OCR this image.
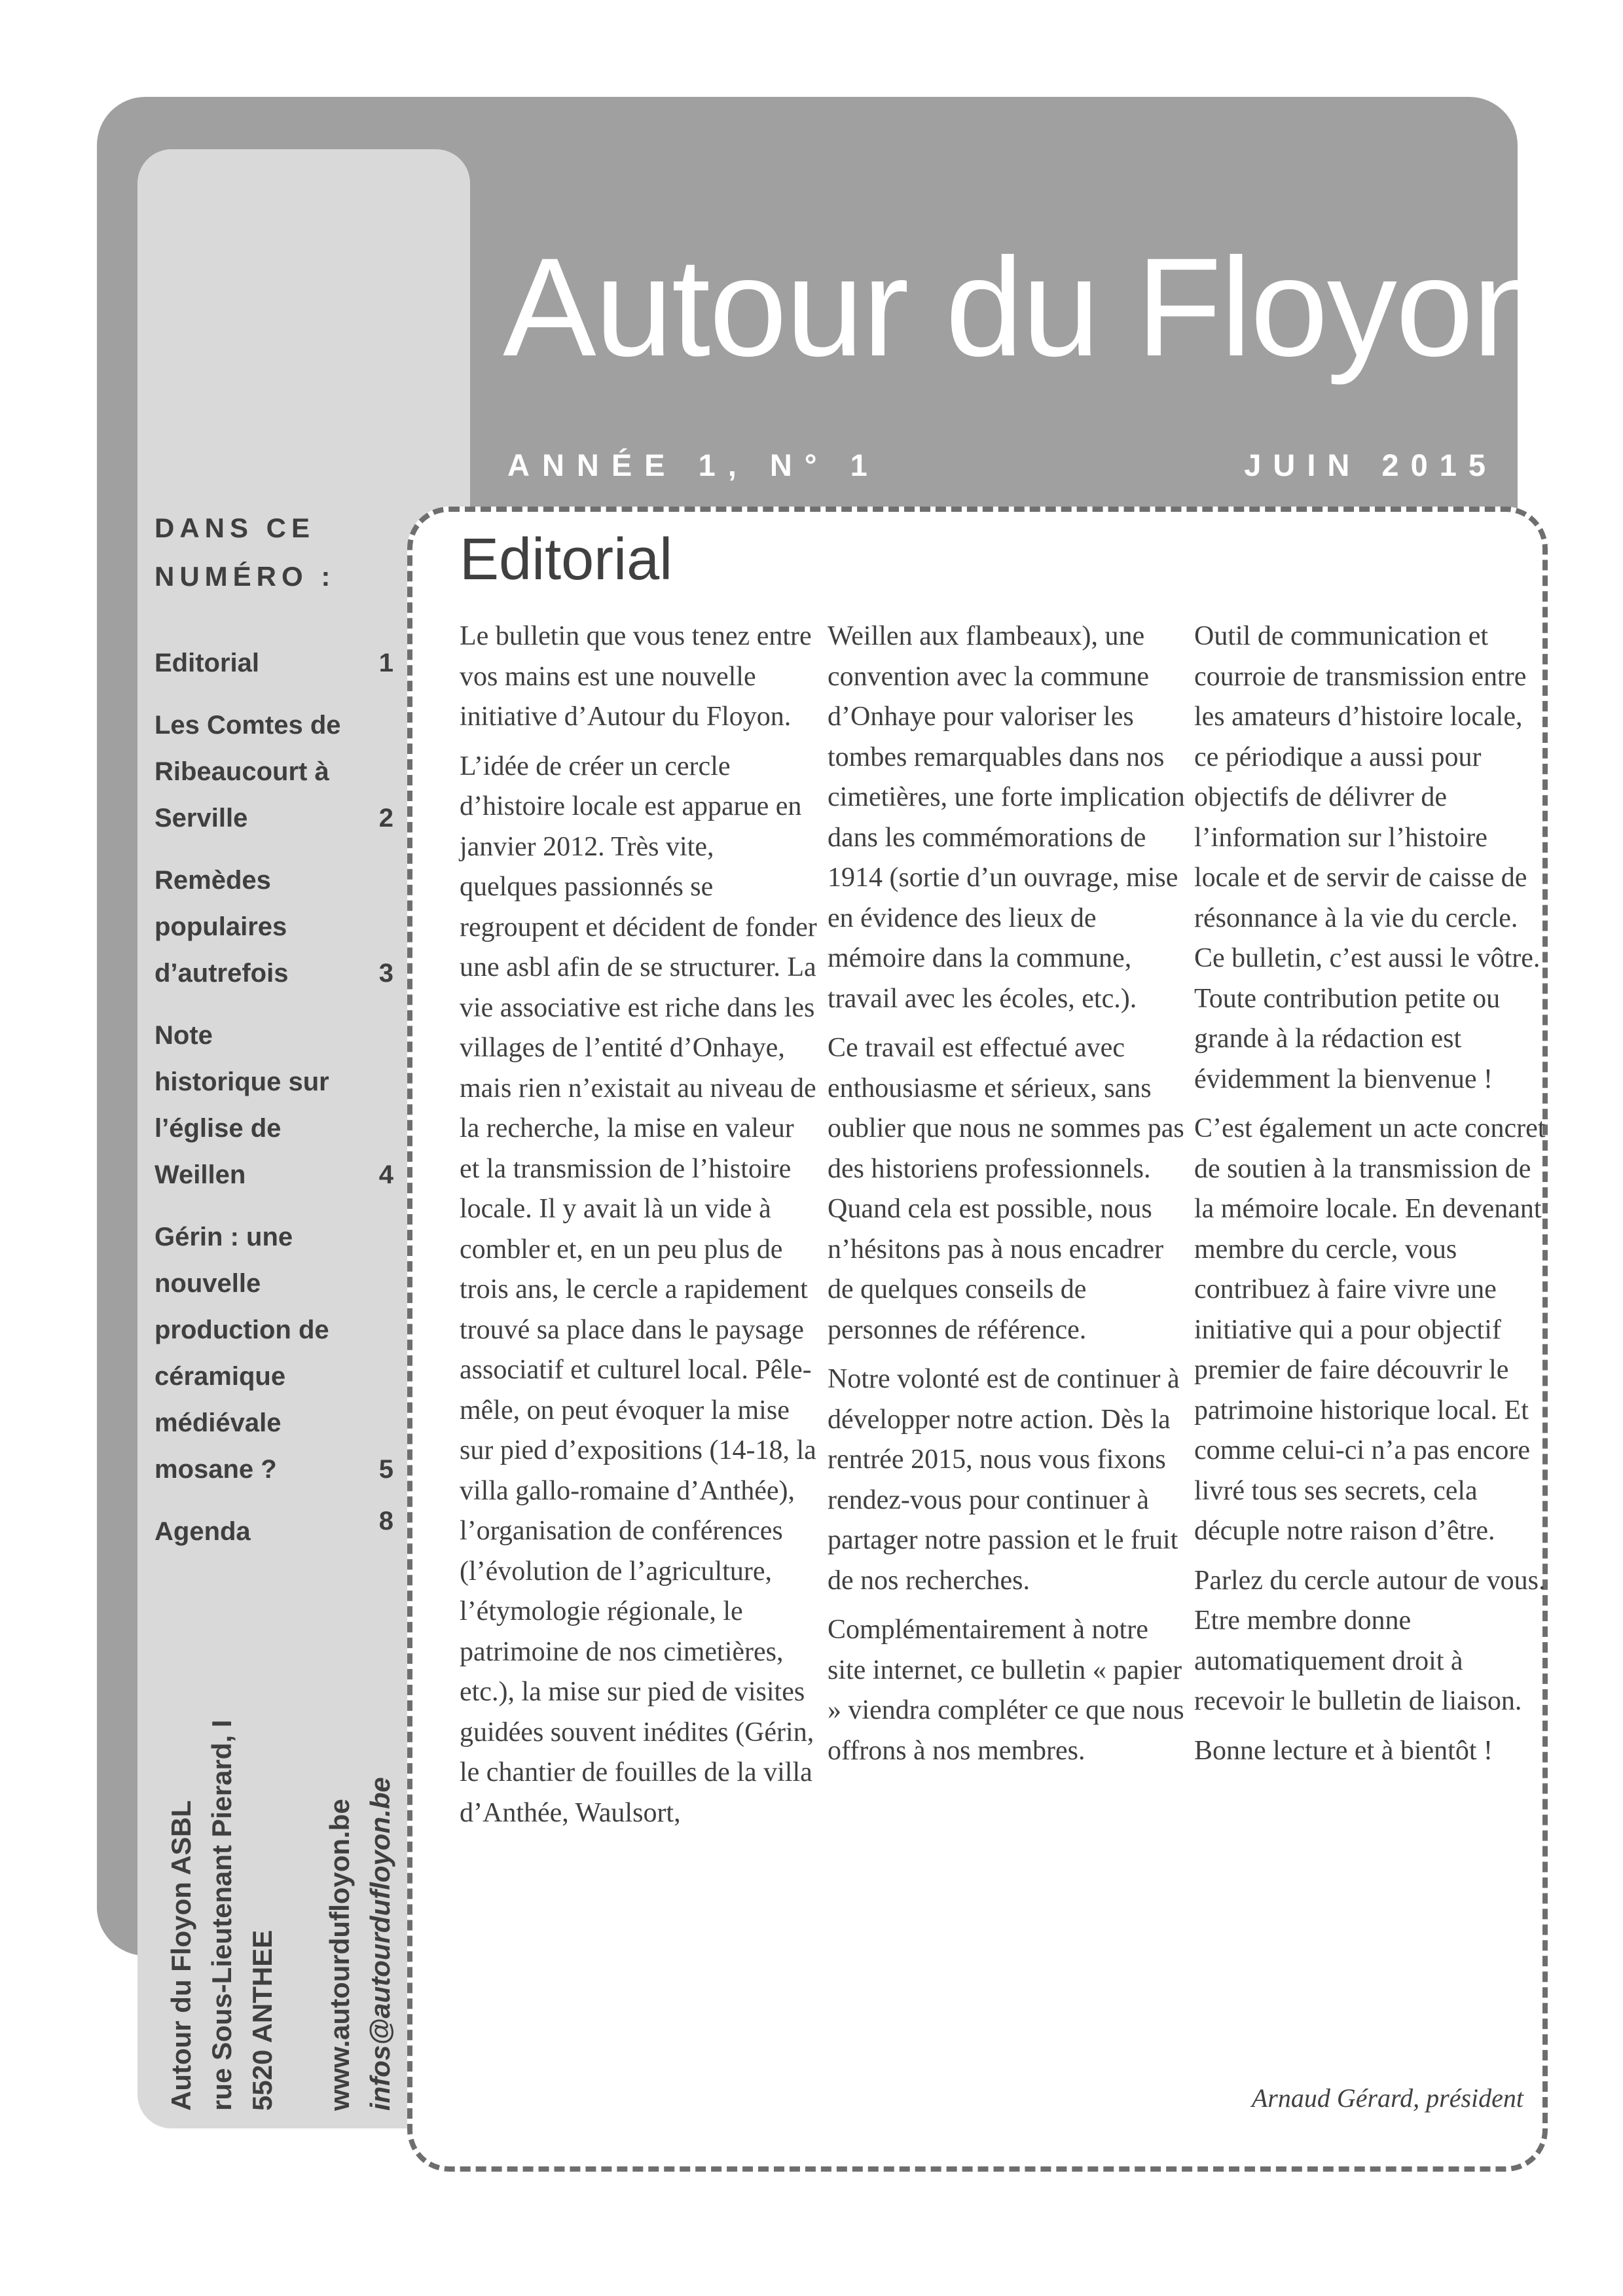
Autour du Floyon
ANNÉE 1, N° 1	JUIN 2015
DANS CE NUMÉRO :
Editorial	1
Les Comtes de Ribeaucourt à Serville	2
Remèdes populaires d’autrefois	3
Note historique sur l’église de Weillen	4
Gérin : une nouvelle production de céramique médiévale mosane ?	5
Agenda	8
Autour du Floyon ASBL rue Sous-Lieutenant Pierard, I 5520 ANTHEE www.autourdufloyon.be infos@autourdufloyon.be
Editorial

Le bulletin que vous tenez entre vos mains est une nouvelle initiative d’Autour du Floyon.

L’idée de créer un cercle d’histoire locale est apparue en janvier 2012. Très vite, quelques passionnés se regroupent et décident de fonder une asbl afin de se structurer. La vie associative est riche dans les villages de l’entité d’Onhaye, mais rien n’existait au niveau de la recherche, la mise en valeur et la transmission de l’histoire locale. Il y avait là un vide à combler et, en un peu plus de trois ans, le cercle a rapidement trouvé sa place dans le paysage associatif et culturel local. Pêle-mêle, on peut évoquer la mise sur pied d’expositions (14-18, la villa gallo-romaine d’Anthée), l’organisation de conférences (l’évolution de l’agriculture, l’étymologie régionale, le patrimoine de nos cimetières, etc.), la mise sur pied de visites guidées souvent inédites (Gérin, le chantier de fouilles de la villa d’Anthée, Waulsort,

Weillen aux flambeaux), une convention avec la commune d’Onhaye pour valoriser les tombes remarquables dans nos cimetières, une forte implication dans les commémorations de 1914 (sortie d’un ouvrage, mise en évidence des lieux de mémoire dans la commune, travail avec les écoles, etc.).

Ce travail est effectué avec enthousiasme et sérieux, sans oublier que nous ne sommes pas des historiens professionnels. Quand cela est possible, nous n’hésitons pas à nous encadrer de quelques conseils de personnes de référence.

Notre volonté est de continuer à développer notre action. Dès la rentrée 2015, nous vous fixons rendez-vous pour continuer à partager notre passion et le fruit de nos recherches.

Complémentairement à notre site internet, ce bulletin « papier » viendra compléter ce que nous offrons à nos membres.

Outil de communication et courroie de transmission entre les amateurs d’histoire locale, ce périodique a aussi pour objectifs de délivrer de l’information sur l’histoire locale et de servir de caisse de résonnance à la vie du cercle. Ce bulletin, c’est aussi le vôtre. Toute contribution petite ou grande à la rédaction est évidemment la bienvenue !

C’est également un acte concret de soutien à la transmission de la mémoire locale. En devenant membre du cercle, vous contribuez à faire vivre une initiative qui a pour objectif premier de faire découvrir le patrimoine historique local. Et comme celui-ci n’a pas encore livré tous ses secrets, cela décuple notre raison d’être.

Parlez du cercle autour de vous. Etre membre donne automatiquement droit à recevoir le bulletin de liaison.

Bonne lecture et à bientôt !

Arnaud Gérard, président
